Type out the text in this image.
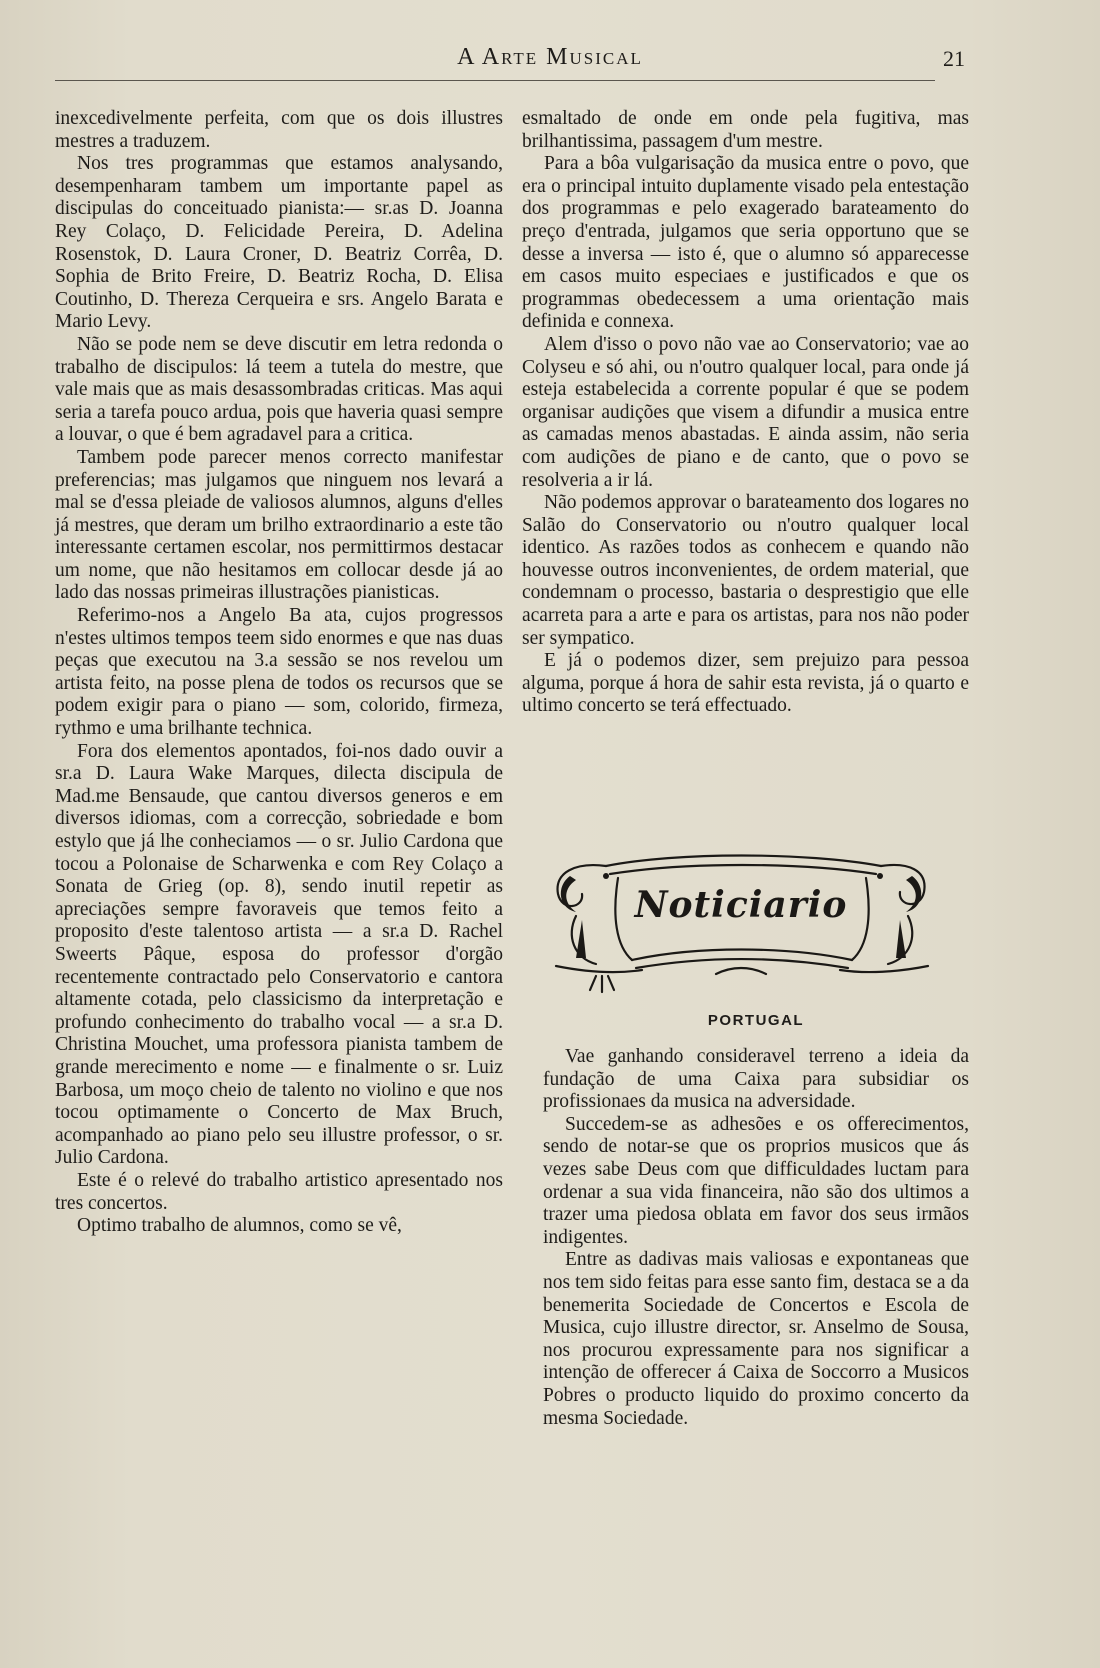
A Arte Musical	21

inexcedivelmente perfeita, com que os dois illustres mestres a traduzem.

Nos tres programmas que estamos analysando, desempenharam tambem um importante papel as discipulas do conceituado pianista:— sr.as D. Joanna Rey Colaço, D. Felicidade Pereira, D. Adelina Rosenstok, D. Laura Croner, D. Beatriz Corrêa, D. Sophia de Brito Freire, D. Beatriz Rocha, D. Elisa Coutinho, D. Thereza Cerqueira e srs. Angelo Barata e Mario Levy.

Não se pode nem se deve discutir em letra redonda o trabalho de discipulos: lá teem a tutela do mestre, que vale mais que as mais desassombradas criticas. Mas aqui seria a tarefa pouco ardua, pois que haveria quasi sempre a louvar, o que é bem agradavel para a critica.

Tambem pode parecer menos correcto manifestar preferencias; mas julgamos que ninguem nos levará a mal se d'essa pleiade de valiosos alumnos, alguns d'elles já mestres, que deram um brilho extraordinario a este tão interessante certamen escolar, nos permittirmos destacar um nome, que não hesitamos em collocar desde já ao lado das nossas primeiras illustrações pianisticas.

Referimo-nos a Angelo Ba ata, cujos progressos n'estes ultimos tempos teem sido enormes e que nas duas peças que executou na 3.a sessão se nos revelou um artista feito, na posse plena de todos os recursos que se podem exigir para o piano — som, colorido, firmeza, rythmo e uma brilhante technica.

Fora dos elementos apontados, foi-nos dado ouvir a sr.a D. Laura Wake Marques, dilecta discipula de Mad.me Bensaude, que cantou diversos generos e em diversos idiomas, com a correcção, sobriedade e bom estylo que já lhe conheciamos — o sr. Julio Cardona que tocou a Polonaise de Scharwenka e com Rey Colaço a Sonata de Grieg (op. 8), sendo inutil repetir as apreciações sempre favoraveis que temos feito a proposito d'este talentoso artista — a sr.a D. Rachel Sweerts Pâque, esposa do professor d'orgão recentemente contractado pelo Conservatorio e cantora altamente cotada, pelo classicismo da interpretação e profundo conhecimento do trabalho vocal — a sr.a D. Christina Mouchet, uma professora pianista tambem de grande merecimento e nome — e finalmente o sr. Luiz Barbosa, um moço cheio de talento no violino e que nos tocou optimamente o Concerto de Max Bruch, acompanhado ao piano pelo seu illustre professor, o sr. Julio Cardona.

Este é o relevé do trabalho artistico apresentado nos tres concertos.

Optimo trabalho de alumnos, como se vê,

esmaltado de onde em onde pela fugitiva, mas brilhantissima, passagem d'um mestre.

Para a bôa vulgarisação da musica entre o povo, que era o principal intuito duplamente visado pela entestação dos programmas e pelo exagerado barateamento do preço d'entrada, julgamos que seria opportuno que se desse a inversa — isto é, que o alumno só apparecesse em casos muito especiaes e justificados e que os programmas obedecessem a uma orientação mais definida e connexa.

Alem d'isso o povo não vae ao Conservatorio; vae ao Colyseu e só ahi, ou n'outro qualquer local, para onde já esteja estabelecida a corrente popular é que se podem organisar audições que visem a difundir a musica entre as camadas menos abastadas. E ainda assim, não seria com audições de piano e de canto, que o povo se resolveria a ir lá.

Não podemos approvar o barateamento dos logares no Salão do Conservatorio ou n'outro qualquer local identico. As razões todos as conhecem e quando não houvesse outros inconvenientes, de ordem material, que condemnam o processo, bastaria o desprestigio que elle acarreta para a arte e para os artistas, para nos não poder ser sympatico.

E já o podemos dizer, sem prejuizo para pessoa alguma, porque á hora de sahir esta revista, já o quarto e ultimo concerto se terá effectuado.

Noticiario
PORTUGAL

Vae ganhando consideravel terreno a ideia da fundação de uma Caixa para subsidiar os profissionaes da musica na adversidade.

Succedem-se as adhesões e os offerecimentos, sendo de notar-se que os proprios musicos que ás vezes sabe Deus com que difficuldades luctam para ordenar a sua vida financeira, não são dos ultimos a trazer uma piedosa oblata em favor dos seus irmãos indigentes.

Entre as dadivas mais valiosas e expontaneas que nos tem sido feitas para esse santo fim, destaca se a da benemerita Sociedade de Concertos e Escola de Musica, cujo illustre director, sr. Anselmo de Sousa, nos procurou expressamente para nos significar a intenção de offerecer á Caixa de Soccorro a Musicos Pobres o producto liquido do proximo concerto da mesma Sociedade.
